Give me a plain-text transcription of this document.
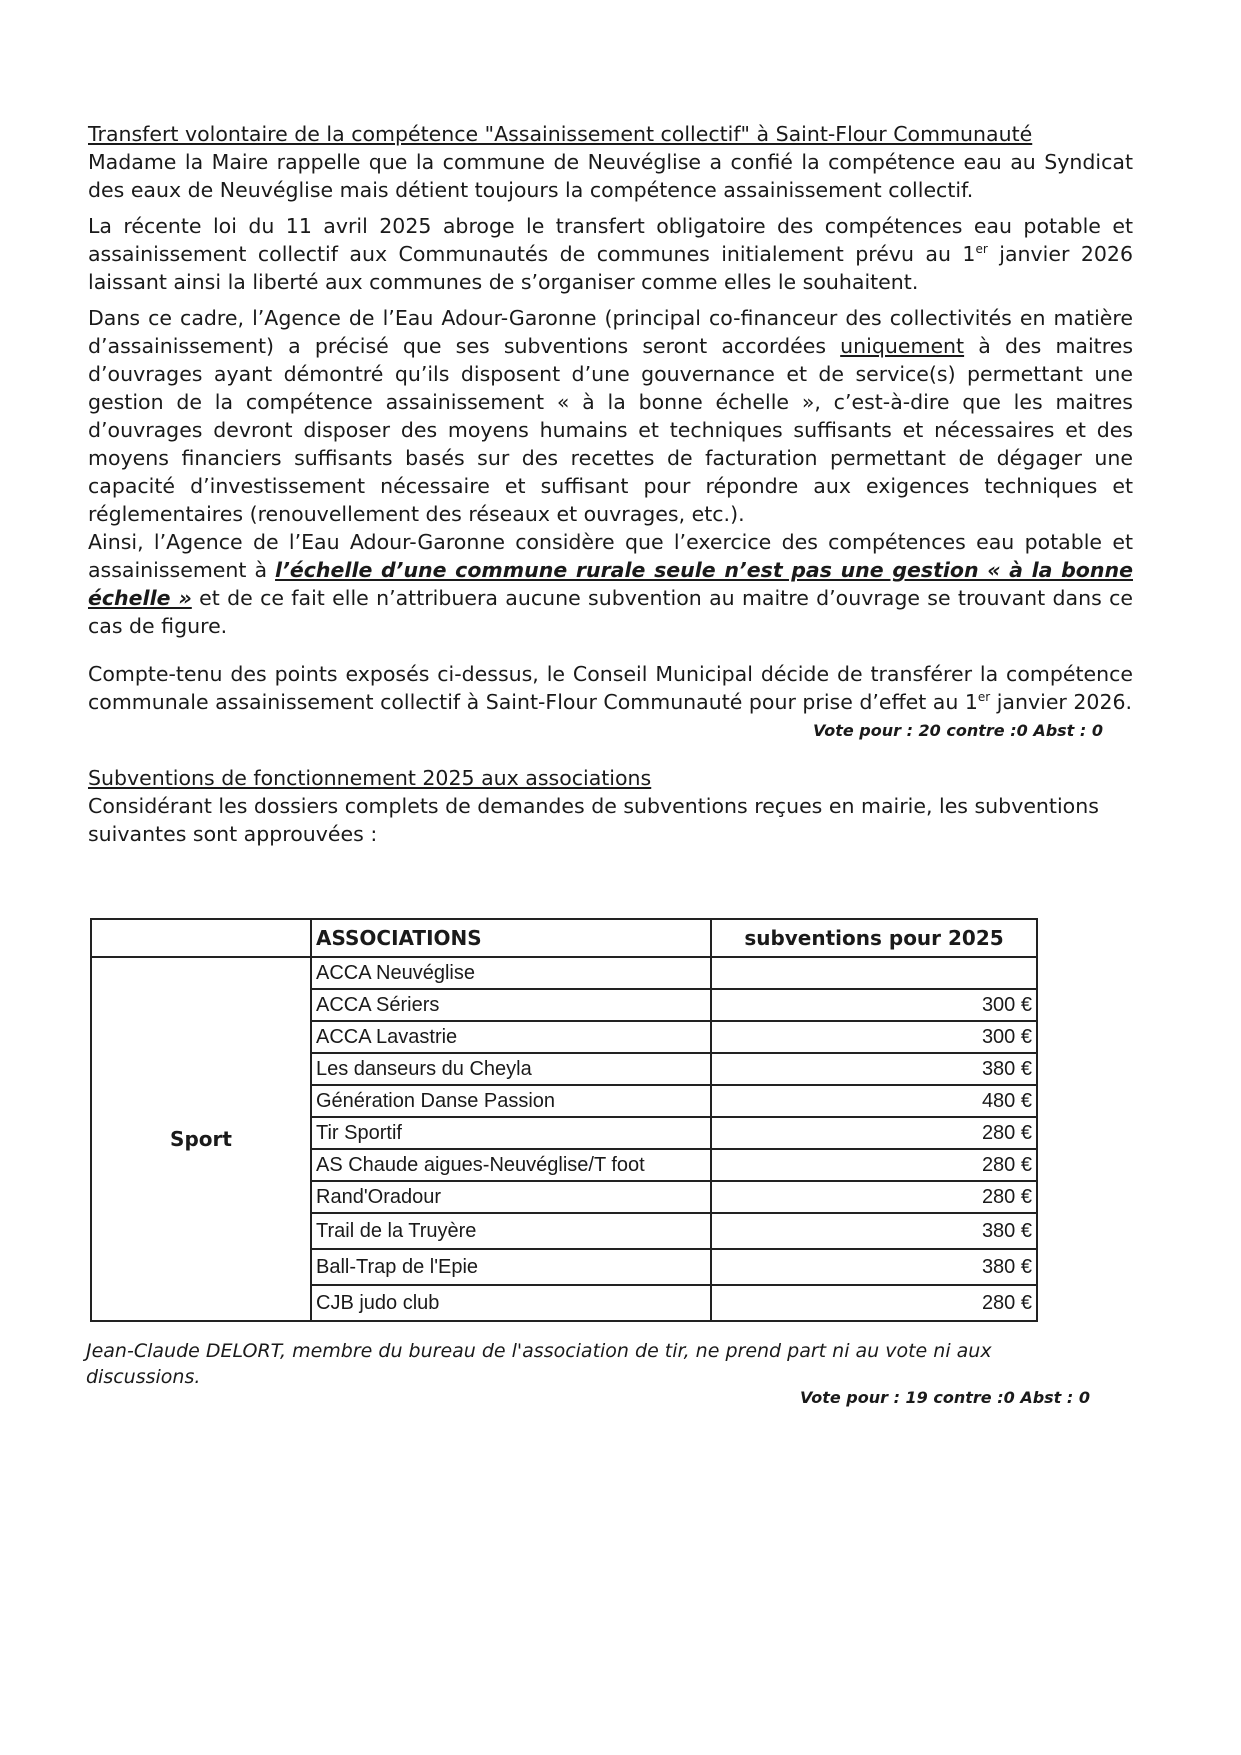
Transfert volontaire de la compétence "Assainissement collectif" à Saint-Flour Communauté

Madame la Maire rappelle que la commune de Neuvéglise a confié la compétence eau au Syndicat des eaux de Neuvéglise mais détient toujours la compétence assainissement collectif.

La récente loi du 11 avril 2025 abroge le transfert obligatoire des compétences eau potable et assainissement collectif aux Communautés de communes initialement prévu au 1er janvier 2026 laissant ainsi la liberté aux communes de s’organiser comme elles le souhaitent.

Dans ce cadre, l’Agence de l’Eau Adour-Garonne (principal co-financeur des collectivités en matière d’assainissement) a précisé que ses subventions seront accordées uniquement à des maitres d’ouvrages ayant démontré qu’ils disposent d’une gouvernance et de service(s) permettant une gestion de la compétence assainissement « à la bonne échelle », c’est-à-dire que les maitres d’ouvrages devront disposer des moyens humains et techniques suffisants et nécessaires et des moyens financiers suffisants basés sur des recettes de facturation permettant de dégager une capacité d’investissement nécessaire et suffisant pour répondre aux exigences techniques et réglementaires (renouvellement des réseaux et ouvrages, etc.).

Ainsi, l’Agence de l’Eau Adour-Garonne considère que l’exercice des compétences eau potable et assainissement à l’échelle d’une commune rurale seule n’est pas une gestion « à la bonne échelle » et de ce fait elle n’attribuera aucune subvention au maitre d’ouvrage se trouvant dans ce cas de figure.

Compte-tenu des points exposés ci-dessus, le Conseil Municipal décide de transférer la compétence communale assainissement collectif à Saint-Flour Communauté pour prise d’effet au 1er janvier 2026.

Vote pour : 20 contre :0 Abst : 0

Subventions de fonctionnement 2025 aux associations

Considérant les dossiers complets de demandes de subventions reçues en mairie, les subventions suivantes sont approuvées :

	ASSOCIATIONS	subventions pour 2025
Sport	ACCA Neuvéglise	
	ACCA Sériers	300 €
	ACCA Lavastrie	300 €
	Les danseurs du Cheyla	380 €
	Génération Danse Passion	480 €
	Tir Sportif	280 €
	AS Chaude aigues-Neuvéglise/T foot	280 €
	Rand'Oradour	280 €
	Trail de la Truyère	380 €
	Ball-Trap de l'Epie	380 €
	CJB judo club	280 €

Jean-Claude DELORT, membre du bureau de l'association de tir, ne prend part ni au vote ni aux discussions.

Vote pour : 19 contre :0 Abst : 0
